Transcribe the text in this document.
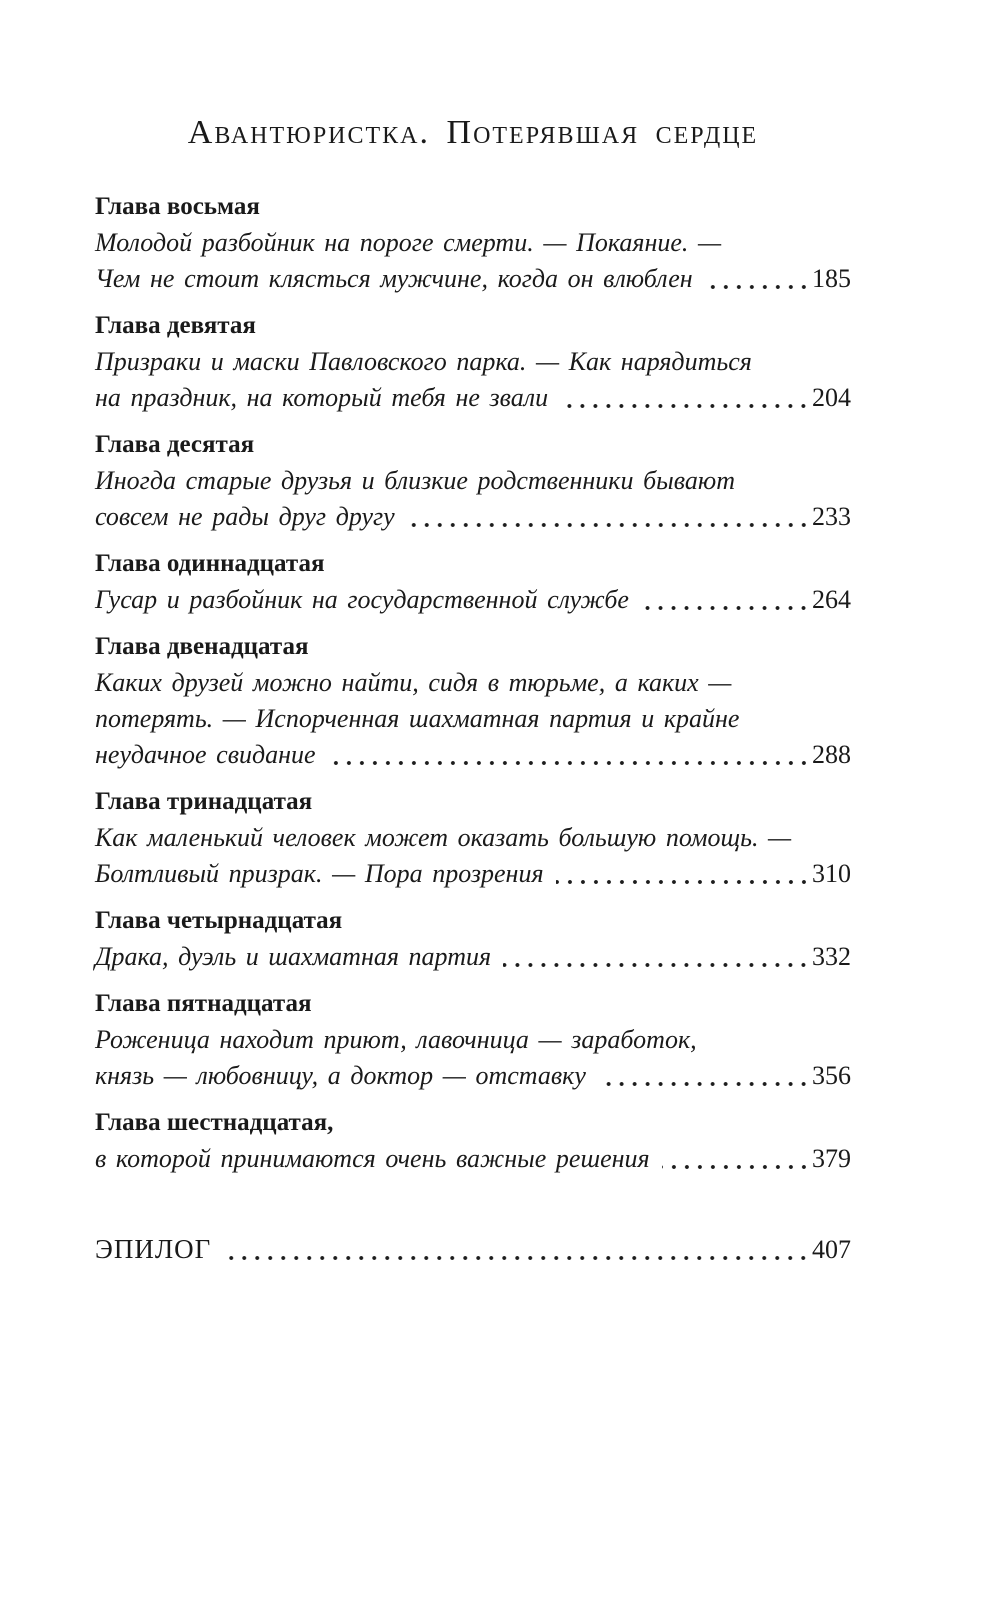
Авантюристка. Потерявшая сердце
Глава восьмая
Молодой разбойник на пороге смерти. — Покаяние. —
Чем не стоит клясться мужчине, когда он влюблен	185
Глава девятая
Призраки и маски Павловского парка. — Как нарядиться
на праздник, на который тебя не звали	204
Глава десятая
Иногда старые друзья и близкие родственники бывают
совсем не рады друг другу	233
Глава одиннадцатая
Гусар и разбойник на государственной службе	264
Глава двенадцатая
Каких друзей можно найти, сидя в тюрьме, а каких —
потерять. — Испорченная шахматная партия и крайне
неудачное свидание	288
Глава тринадцатая
Как маленький человек может оказать большую помощь. —
Болтливый призрак. — Пора прозрения	310
Глава четырнадцатая
Драка, дуэль и шахматная партия	332
Глава пятнадцатая
Роженица находит приют, лавочница — заработок,
князь — любовницу, а доктор — отставку	356
Глава шестнадцатая,
в которой принимаются очень важные решения	379
ЭПИЛОГ	407
